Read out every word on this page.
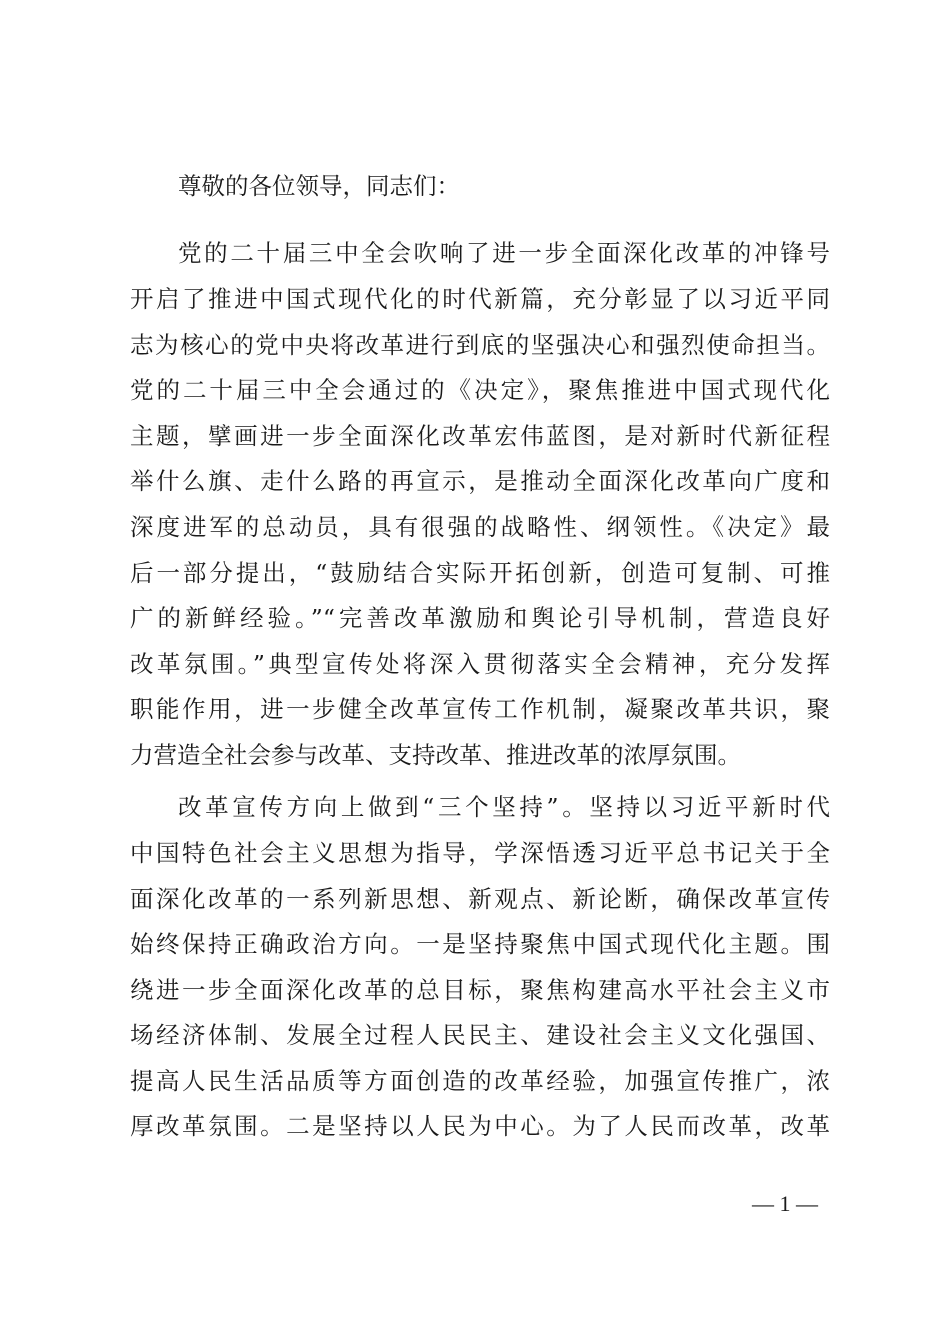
尊敬的各位领导，同志们：
党的二十届三中全会吹响了进一步全面深化改革的冲锋号
开启了推进中国式现代化的时代新篇，充分彰显了以习近平同
志为核心的党中央将改革进行到底的坚强决心和强烈使命担当。
党的二十届三中全会通过的《决定》，聚焦推进中国式现代化
主题，擘画进一步全面深化改革宏伟蓝图，是对新时代新征程
举什么旗、走什么路的再宣示，是推动全面深化改革向广度和
深度进军的总动员，具有很强的战略性、纲领性。《决定》最
后一部分提出，“鼓励结合实际开拓创新，创造可复制、可推
广的新鲜经验。”“完善改革激励和舆论引导机制，营造良好
改革氛围。”典型宣传处将深入贯彻落实全会精神，充分发挥
职能作用，进一步健全改革宣传工作机制，凝聚改革共识，聚
力营造全社会参与改革、支持改革、推进改革的浓厚氛围。
改革宣传方向上做到“三个坚持”。坚持以习近平新时代
中国特色社会主义思想为指导，学深悟透习近平总书记关于全
面深化改革的一系列新思想、新观点、新论断，确保改革宣传
始终保持正确政治方向。一是坚持聚焦中国式现代化主题。围
绕进一步全面深化改革的总目标，聚焦构建高水平社会主义市
场经济体制、发展全过程人民民主、建设社会主义文化强国、
提高人民生活品质等方面创造的改革经验，加强宣传推广，浓
厚改革氛围。二是坚持以人民为中心。为了人民而改革，改革
— 1 —
